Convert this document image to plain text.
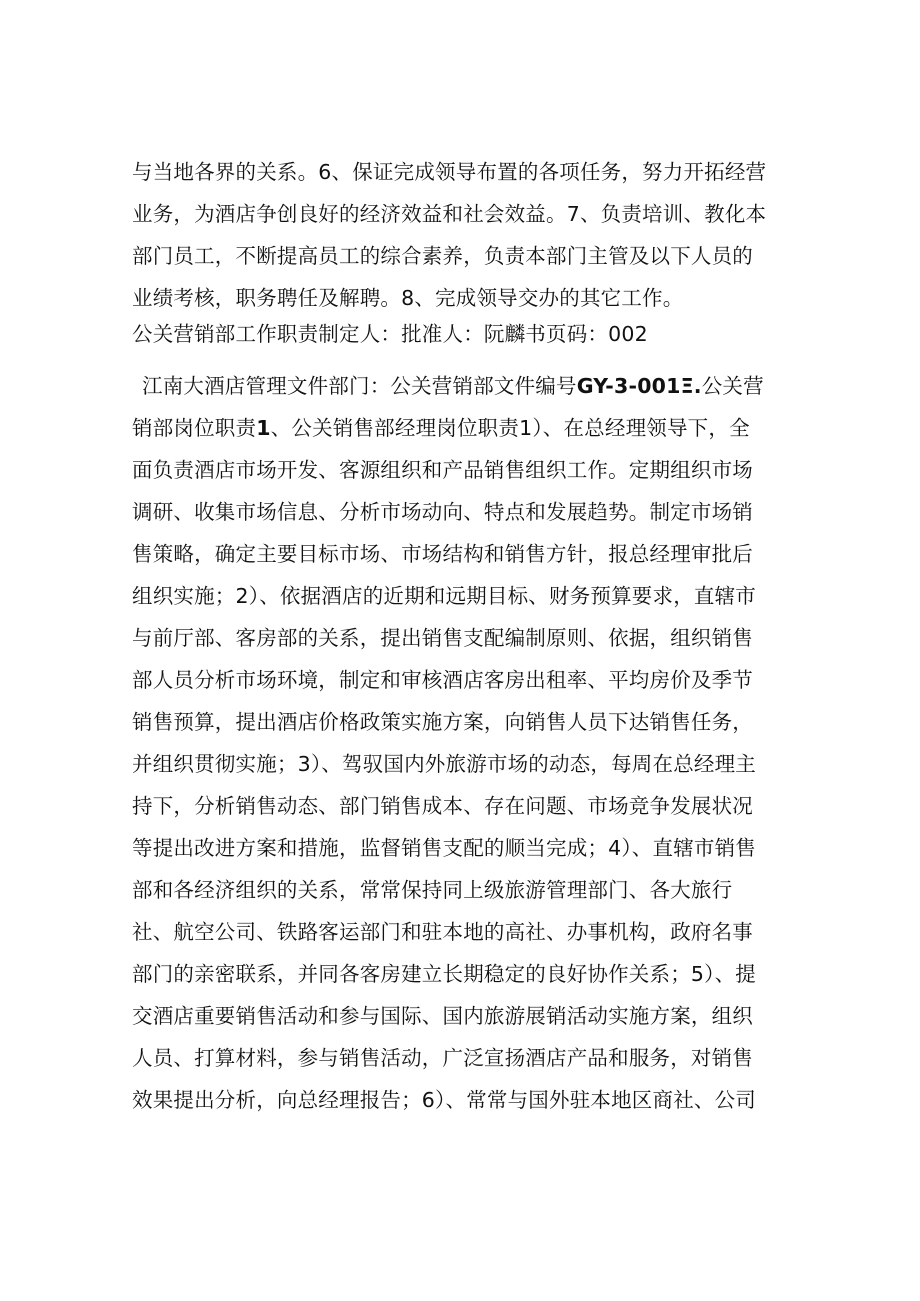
与当地各界的关系。6、保证完成领导布置的各项任务，努力开拓经营
业务，为酒店争创良好的经济效益和社会效益。7、负责培训、教化本
部门员工，不断提高员工的综合素养，负责本部门主管及以下人员的
业绩考核，职务聘任及解聘。8、完成领导交办的其它工作。
公关营销部工作职责制定人：批准人：阮麟书页码：002
江南大酒店管理文件部门：公关营销部文件编号GY-3-001Ξ.公关营
销部岗位职责1、公关销售部经理岗位职责1）、在总经理领导下，全
面负责酒店市场开发、客源组织和产品销售组织工作。定期组织市场
调研、收集市场信息、分析市场动向、特点和发展趋势。制定市场销
售策略，确定主要目标市场、市场结构和销售方针，报总经理审批后
组织实施；2）、依据酒店的近期和远期目标、财务预算要求，直辖市
与前厅部、客房部的关系，提出销售支配编制原则、依据，组织销售
部人员分析市场环境，制定和审核酒店客房出租率、平均房价及季节
销售预算，提出酒店价格政策实施方案，向销售人员下达销售任务，
并组织贯彻实施；3）、驾驭国内外旅游市场的动态，每周在总经理主
持下，分析销售动态、部门销售成本、存在问题、市场竞争发展状况
等提出改进方案和措施，监督销售支配的顺当完成；4）、直辖市销售
部和各经济组织的关系，常常保持同上级旅游管理部门、各大旅行
社、航空公司、铁路客运部门和驻本地的高社、办事机构，政府名事
部门的亲密联系，并同各客房建立长期稳定的良好协作关系；5）、提
交酒店重要销售活动和参与国际、国内旅游展销活动实施方案，组织
人员、打算材料，参与销售活动，广泛宣扬酒店产品和服务，对销售
效果提出分析，向总经理报告；6）、常常与国外驻本地区商社、公司
